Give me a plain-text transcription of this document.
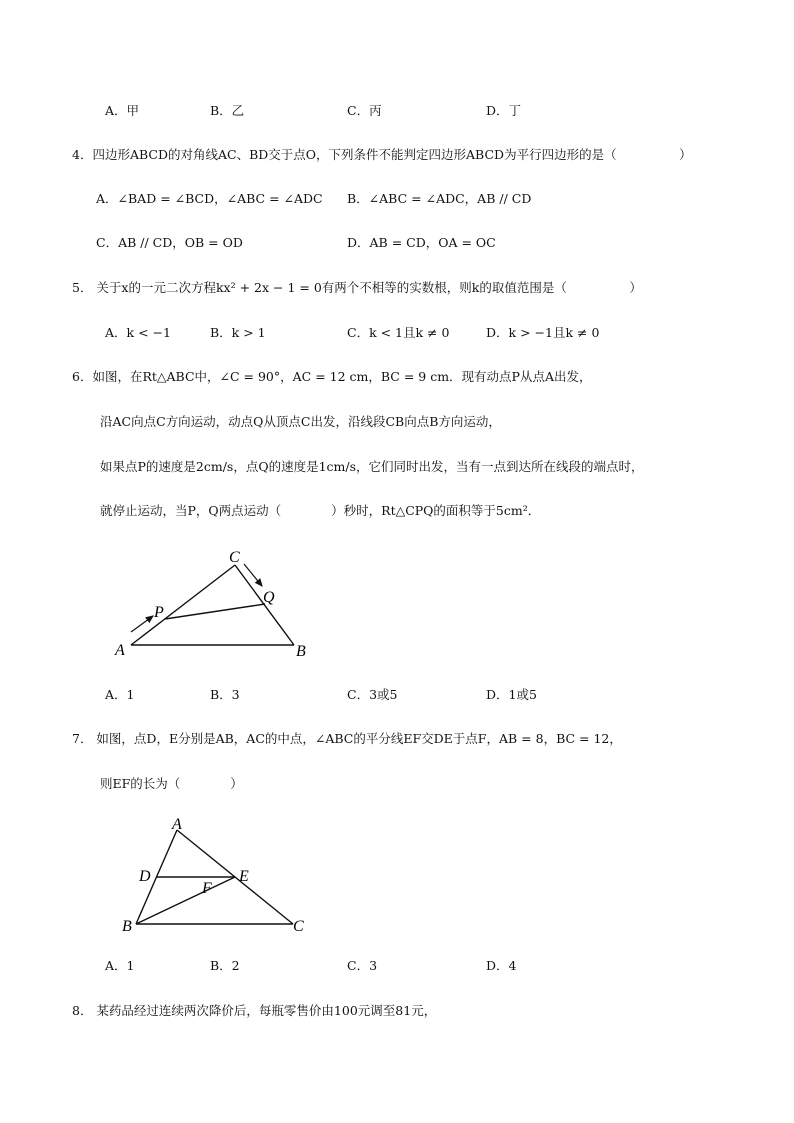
A．甲	B．乙	C．丙	D．丁
4．四边形ABCD的对角线AC、BD交于点O，下列条件不能判定四边形ABCD为平行四边形的是（　　　　　）
A．∠BAD = ∠BCD，∠ABC = ∠ADC B．∠ABC = ∠ADC，AB // CD
C．AB // CD，OB = OD	D．AB = CD，OA = OC
5． 关于x的一元二次方程kx² + 2x − 1 = 0有两个不相等的实数根，则k的取值范围是（　　　　　）
A．k < −1	B．k > 1	C．k < 1且k ≠ 0	D．k > −1且k ≠ 0
6．如图，在Rt△ABC中，∠C = 90°，AC = 12 cm，BC = 9 cm．现有动点P从点A出发，
沿AC向点C方向运动，动点Q从顶点C出发，沿线段CB向点B方向运动，
如果点P的速度是2cm/s，点Q的速度是1cm/s，它们同时出发，当有一点到达所在线段的端点时，
就停止运动，当P，Q两点运动（　　　　）秒时，Rt△CPQ的面积等于5cm²．
C
Q
P
A	B
A．1	B．3	C．3或5	D．1或5
7． 如图，点D，E分别是AB，AC的中点，∠ABC的平分线EF交DE于点F，AB = 8，BC = 12，
则EF的长为（　　　　）
A
D	E
F
B	C
A．1	B．2	C．3	D．4
8． 某药品经过连续两次降价后，每瓶零售价由100元调至81元，
